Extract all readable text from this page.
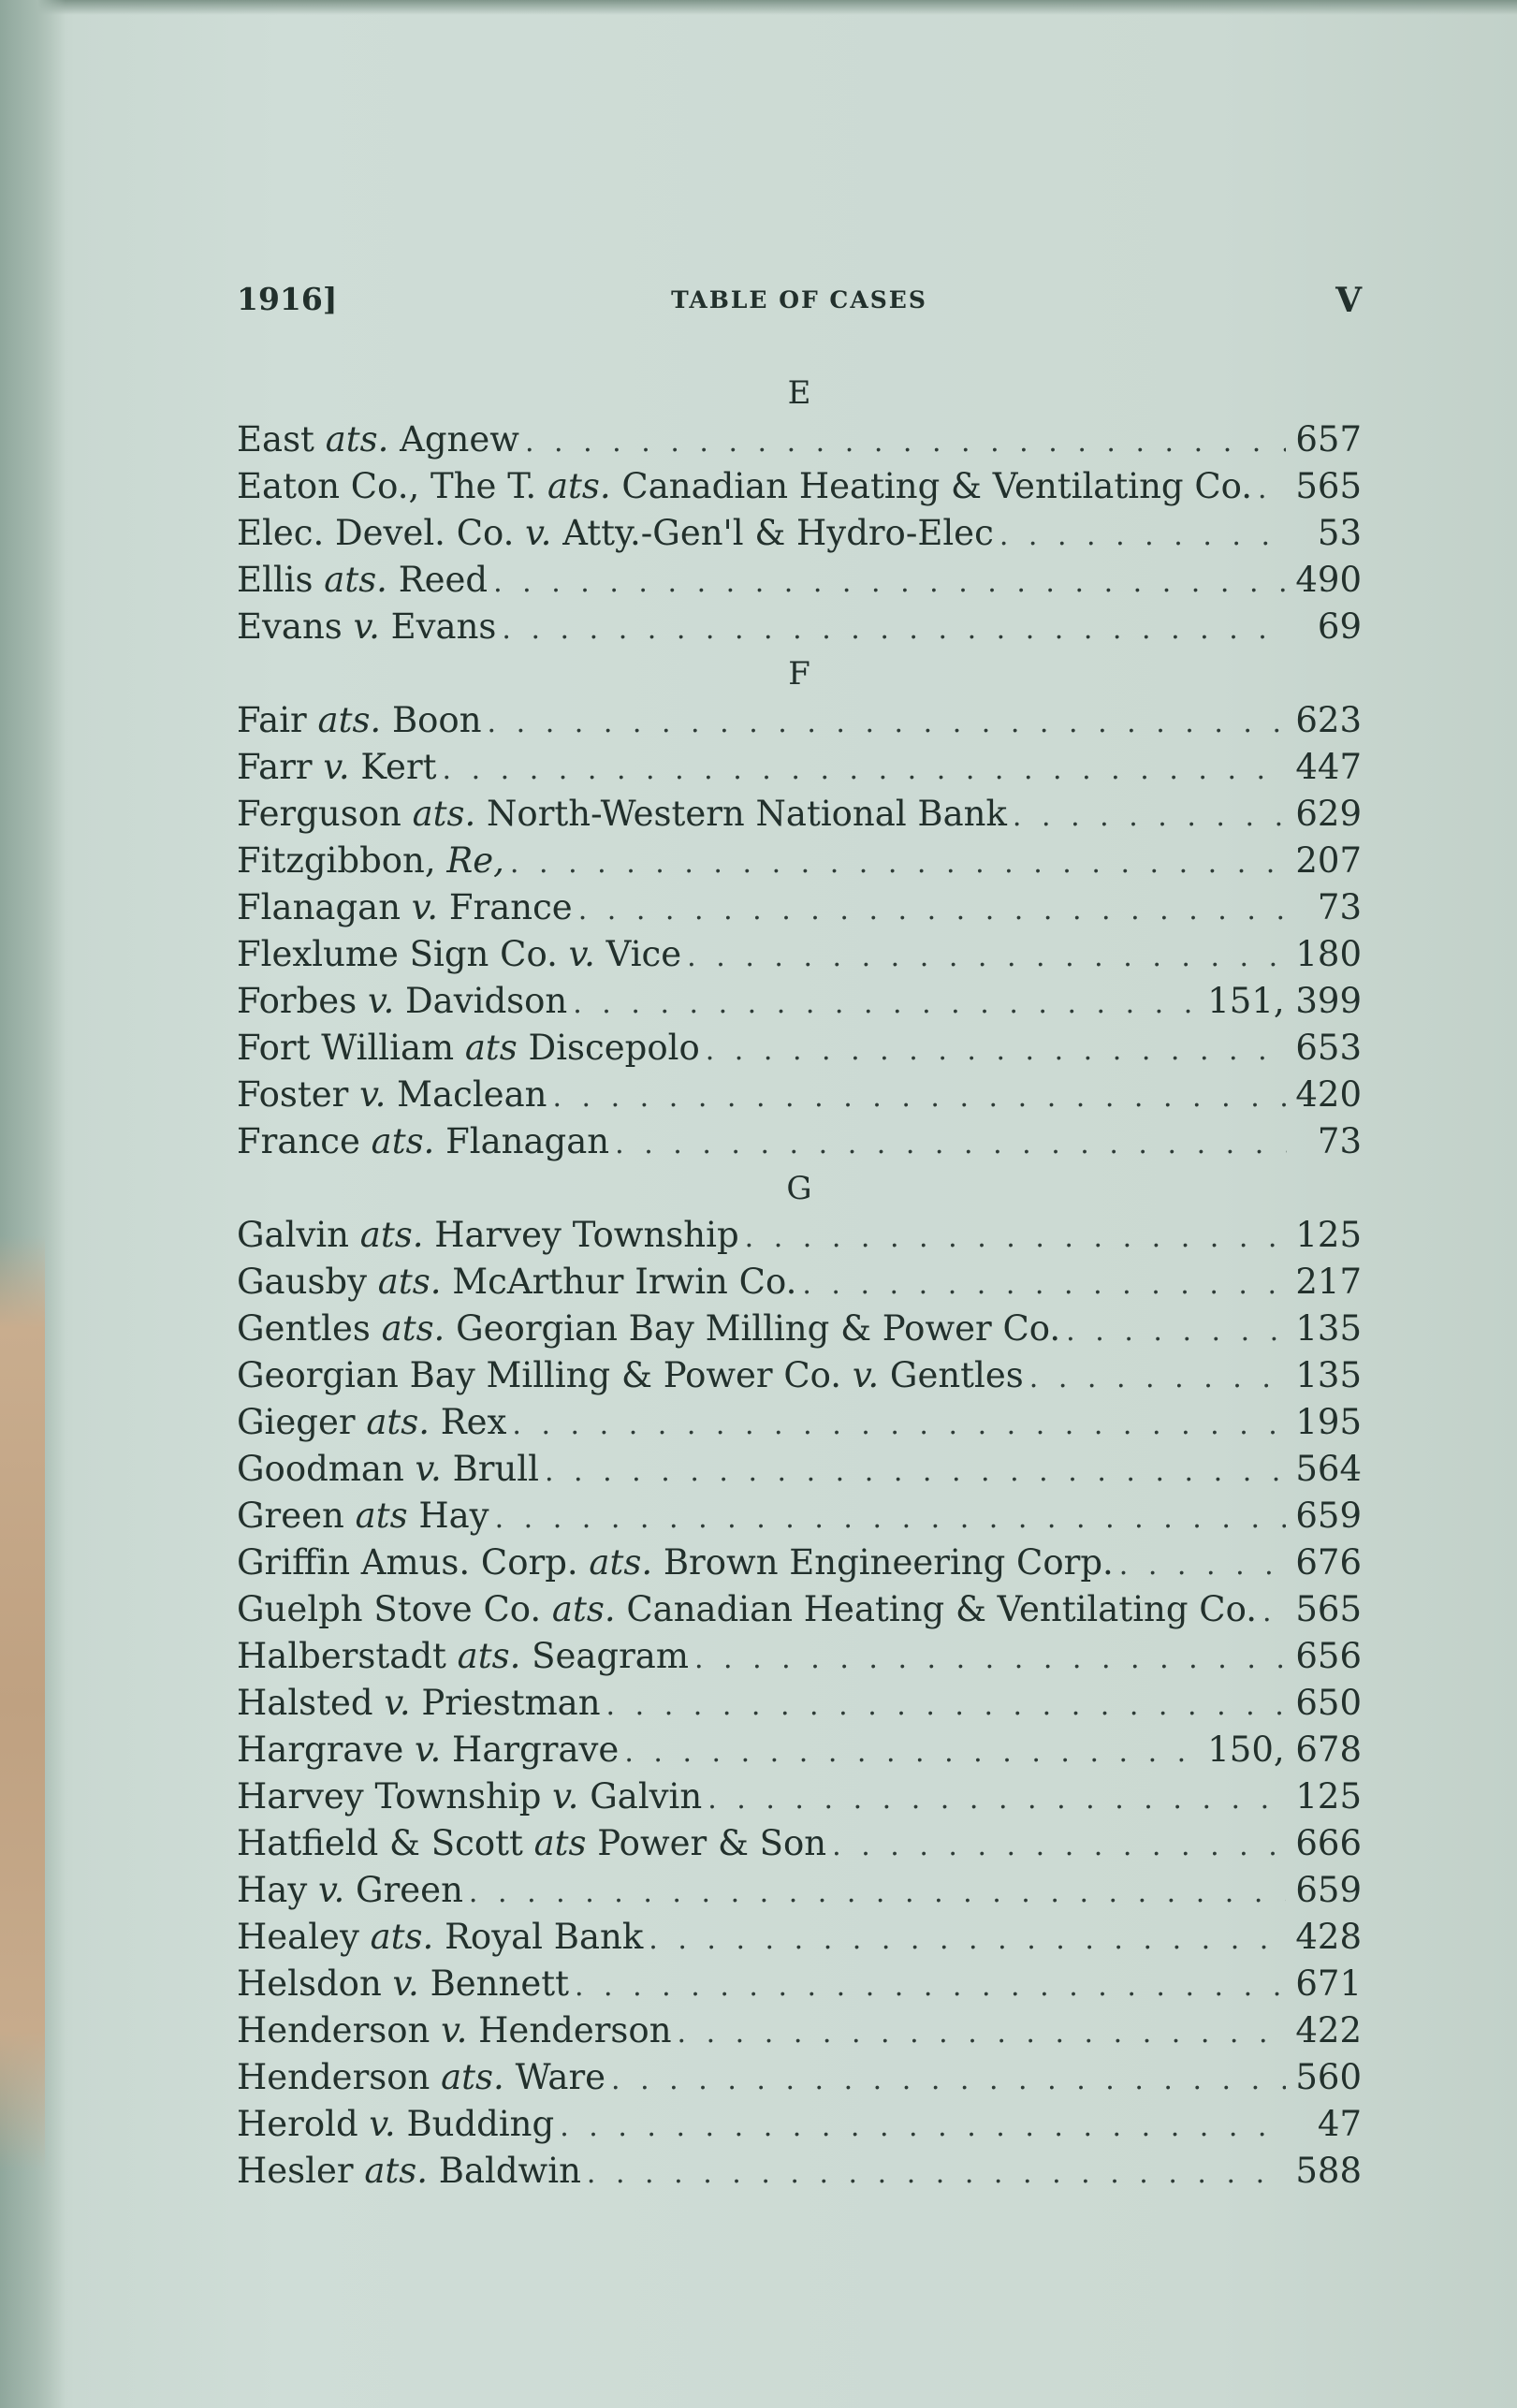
1916]	TABLE OF CASES	V
E
East ats. Agnew . . .	657
Eaton Co., The T. ats. Canadian Heating & Ventilating Co. . . . 565
Elec. Devel. Co. v. Atty.-Gen'l & Hydro-Elec . . .	53
Ellis ats. Reed . . .	490
Evans v. Evans . . .	69
F
Fair ats. Boon . . .	623
Farr v. Kert . . .	447
Ferguson ats. North-Western National Bank . . .	629
Fitzgibbon, Re, . . .	207
Flanagan v. France . . .	73
Flexlume Sign Co. v. Vice . . .	180
Forbes v. Davidson . . .	151, 399
Fort William ats Discepolo . . .	653
Foster v. Maclean . . .	420
France ats. Flanagan . . .	73
G
Galvin ats. Harvey Township . . .	125
Gausby ats. McArthur Irwin Co. . . .	217
Gentles ats. Georgian Bay Milling & Power Co. . . .	135
Georgian Bay Milling & Power Co. v. Gentles . . .	135
Gieger ats. Rex . . .	195
Goodman v. Brull . . .	564
Green ats Hay . . .	659
Griffin Amus. Corp. ats. Brown Engineering Corp. . . .	676
Guelph Stove Co. ats. Canadian Heating & Ventilating Co. . . . 565
Halberstadt ats. Seagram . . .	656
Halsted v. Priestman . . .	650
Hargrave v. Hargrave . . .	150, 678
Harvey Township v. Galvin . . .	125
Hatfield & Scott ats Power & Son . . .	666
Hay v. Green . . .	659
Healey ats. Royal Bank . . .	428
Helsdon v. Bennett . . .	671
Henderson v. Henderson . . .	422
Henderson ats. Ware . . .	560
Herold v. Budding . . .	47
Hesler ats. Baldwin . . .	588
